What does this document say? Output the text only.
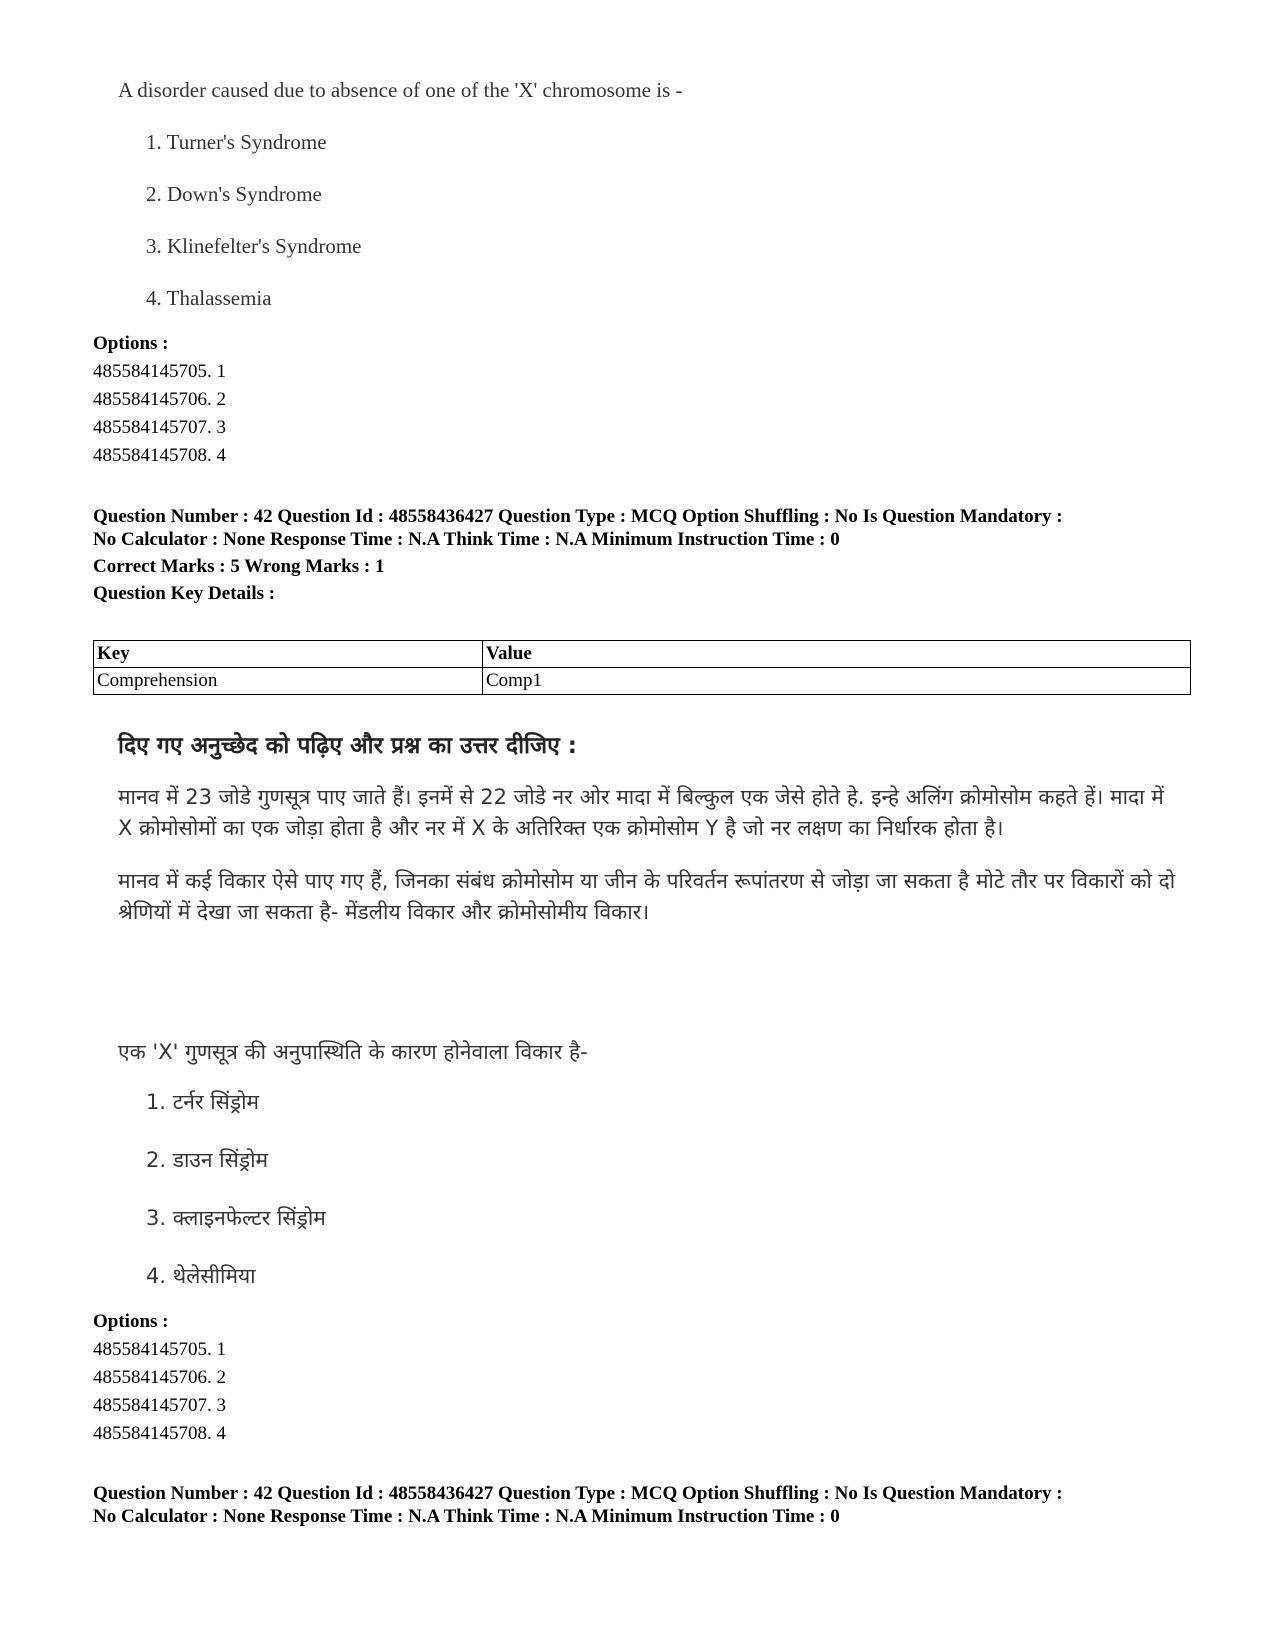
A disorder caused due to absence of one of the 'X' chromosome is -
1. Turner's Syndrome
2. Down's Syndrome
3. Klinefelter's Syndrome
4. Thalassemia
Options :
485584145705. 1
485584145706. 2
485584145707. 3
485584145708. 4
Question Number : 42 Question Id : 48558436427 Question Type : MCQ Option Shuffling : No Is Question Mandatory :
No Calculator : None Response Time : N.A Think Time : N.A Minimum Instruction Time : 0
Correct Marks : 5 Wrong Marks : 1
Question Key Details :
Key	Value
Comprehension	Comp1
दिए गए अनुच्छेद को पढ़िए और प्रश्न का उत्तर दीजिए :

मानव में 23 जोडे गुणसूत्र पाए जाते हैं। इनमें से 22 जोडे नर ओर मादा में बिल्कुल एक जेसे होते हे. इन्हे अलिंग क्रोमोसोम कहते हें। मादा में X क्रोमोसोमों का एक जोड़ा होता है और नर में X के अतिरिक्त एक क्रोमोसोम Y है जो नर लक्षण का निर्धारक होता है।

मानव में कई विकार ऐसे पाए गए हैं, जिनका संबंध क्रोमोसोम या जीन के परिवर्तन रूपांतरण से जोड़ा जा सकता है मोटे तौर पर विकारों को दो श्रेणियों में देखा जा सकता है- मेंडलीय विकार और क्रोमोसोमीय विकार।

एक 'X' गुणसूत्र की अनुपास्थिति के कारण होनेवाला विकार है-
1. टर्नर सिंड्रोम
2. डाउन सिंड्रोम
3. क्लाइनफेल्टर सिंड्रोम
4. थेलेसीमिया
Options :
485584145705. 1
485584145706. 2
485584145707. 3
485584145708. 4
Question Number : 42 Question Id : 48558436427 Question Type : MCQ Option Shuffling : No Is Question Mandatory :
No Calculator : None Response Time : N.A Think Time : N.A Minimum Instruction Time : 0
